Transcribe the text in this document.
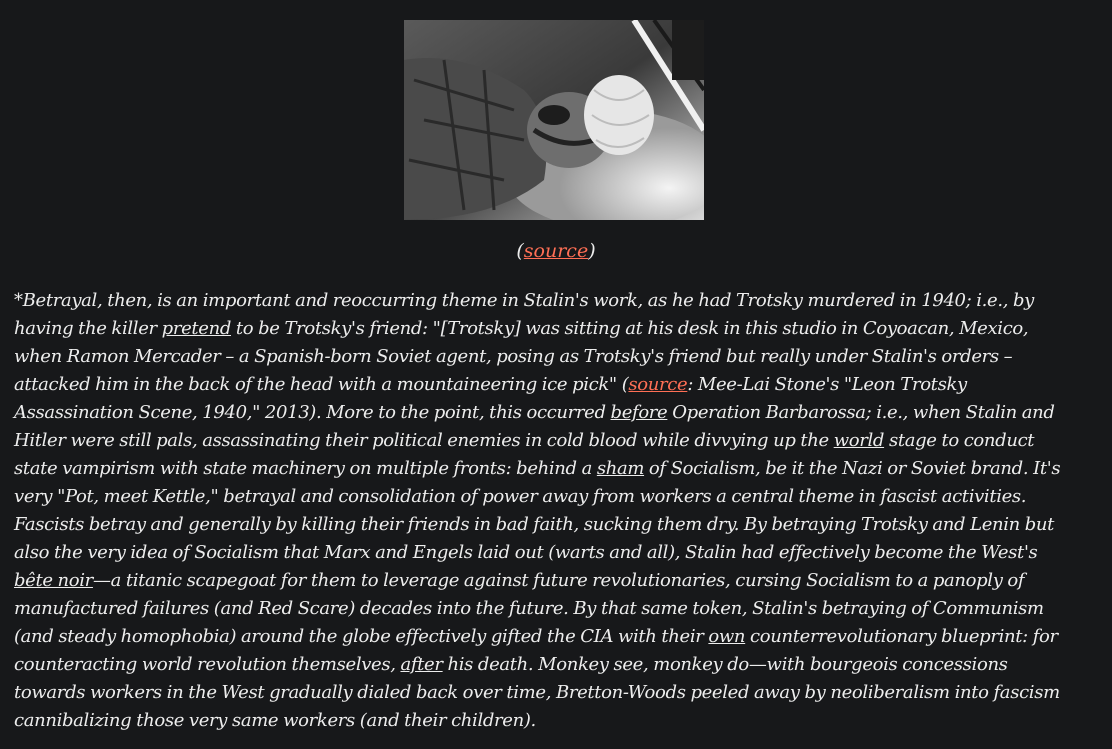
(source)
*Betrayal, then, is an important and reoccurring theme in Stalin's work, as he had Trotsky murdered in 1940; i.e., by
having the killer pretend to be Trotsky's friend: "[Trotsky] was sitting at his desk in this studio in Coyoacan, Mexico,
when Ramon Mercader – a Spanish-born Soviet agent, posing as Trotsky's friend but really under Stalin's orders –
attacked him in the back of the head with a mountaineering ice pick" (source: Mee-Lai Stone's "Leon Trotsky
Assassination Scene, 1940," 2013). More to the point, this occurred before Operation Barbarossa; i.e., when Stalin and
Hitler were still pals, assassinating their political enemies in cold blood while divvying up the world stage to conduct
state vampirism with state machinery on multiple fronts: behind a sham of Socialism, be it the Nazi or Soviet brand. It's
very "Pot, meet Kettle," betrayal and consolidation of power away from workers a central theme in fascist activities.
Fascists betray and generally by killing their friends in bad faith, sucking them dry. By betraying Trotsky and Lenin but
also the very idea of Socialism that Marx and Engels laid out (warts and all), Stalin had effectively become the West's
bête noir—a titanic scapegoat for them to leverage against future revolutionaries, cursing Socialism to a panoply of
manufactured failures (and Red Scare) decades into the future. By that same token, Stalin's betraying of Communism
(and steady homophobia) around the globe effectively gifted the CIA with their own counterrevolutionary blueprint: for
counteracting world revolution themselves, after his death. Monkey see, monkey do—with bourgeois concessions
towards workers in the West gradually dialed back over time, Bretton-Woods peeled away by neoliberalism into fascism
cannibalizing those very same workers (and their children).
